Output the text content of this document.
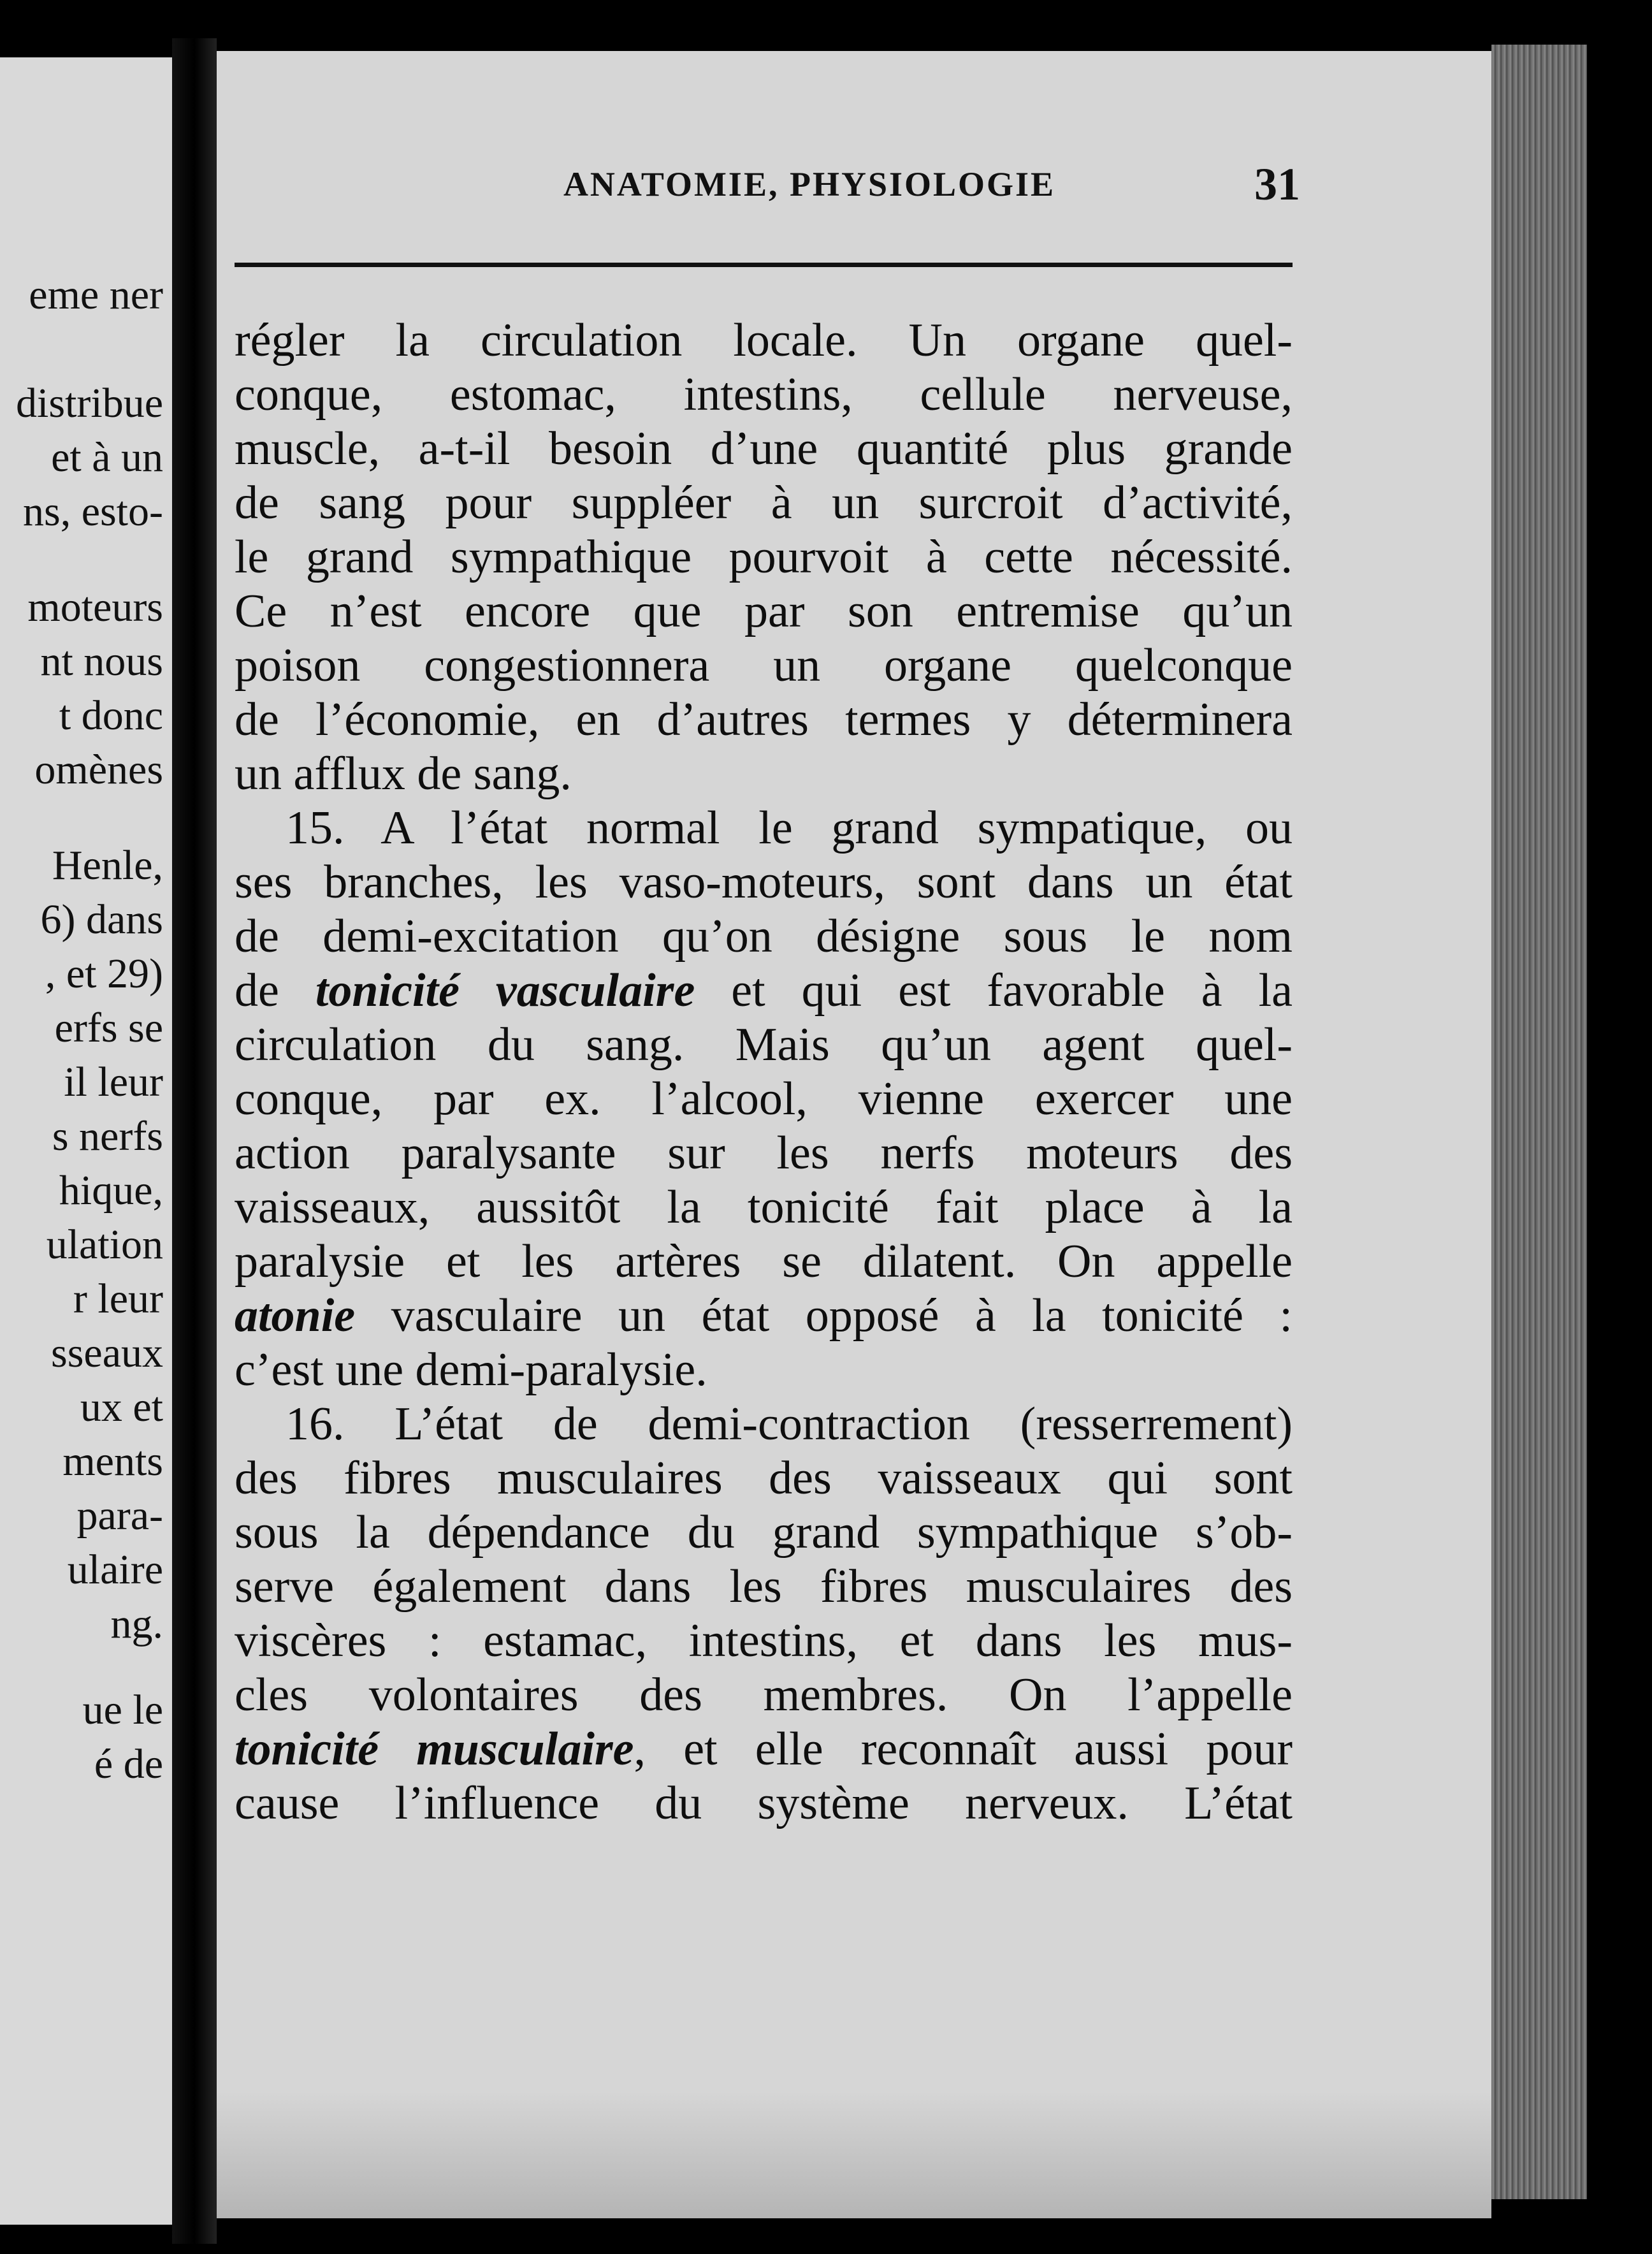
eme ner
distribue
et à un
ns, esto-
moteurs
nt nous
t donc
omènes
Henle,
6) dans
, et 29)
erfs se
il leur
s nerfs
hique,
ulation
r leur
sseaux
ux et
ments
para-
ulaire
ng.
ue le
é de
ANATOMIE, PHYSIOLOGIE	31
régler la circulation locale. Un organe quel-
conque, estomac, intestins, cellule nerveuse,
muscle, a-t-il besoin d’une quantité plus grande
de sang pour suppléer à un surcroit d’activité,
le grand sympathique pourvoit à cette nécessité.
Ce n’est encore que par son entremise qu’un
poison congestionnera un organe quelconque
de l’économie, en d’autres termes y déterminera
un afflux de sang.
15. A l’état normal le grand sympatique, ou
ses branches, les vaso-moteurs, sont dans un état
de demi-excitation qu’on désigne sous le nom
de tonicité vasculaire et qui est favorable à la
circulation du sang. Mais qu’un agent quel-
conque, par ex. l’alcool, vienne exercer une
action paralysante sur les nerfs moteurs des
vaisseaux, aussitôt la tonicité fait place à la
paralysie et les artères se dilatent. On appelle
atonie vasculaire un état opposé à la tonicité :
c’est une demi-paralysie.
16. L’état de demi-contraction (resserrement)
des fibres musculaires des vaisseaux qui sont
sous la dépendance du grand sympathique s’ob-
serve également dans les fibres musculaires des
viscères : estamac, intestins, et dans les mus-
cles volontaires des membres. On l’appelle
tonicité musculaire, et elle reconnaît aussi pour
cause l’influence du système nerveux. L’état
